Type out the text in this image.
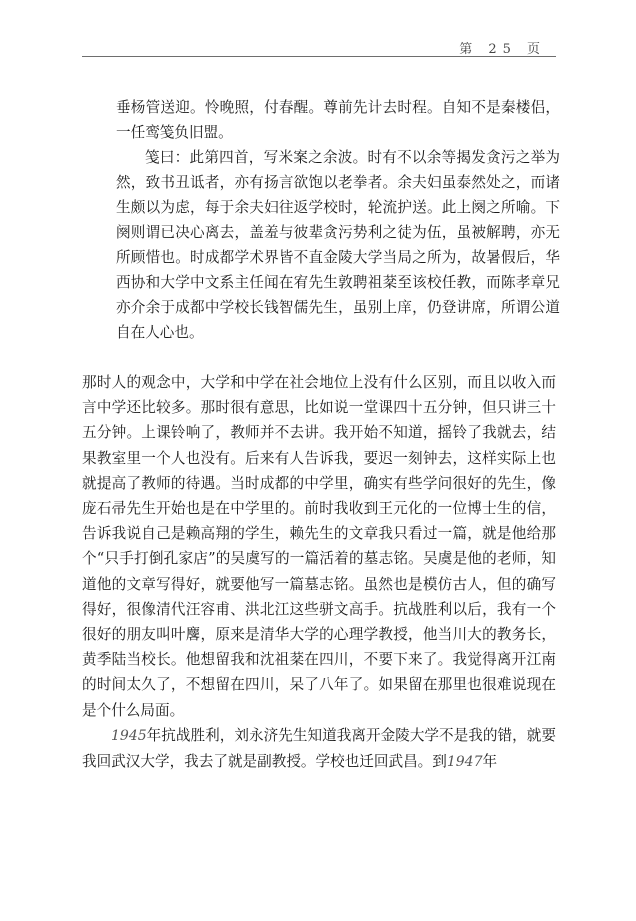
第 25 页

垂杨管送迎。怜晚照，付春醒。尊前先计去时程。自知不是秦楼侣，一任鸾笺负旧盟。

笺曰：此第四首，写米案之余波。时有不以余等揭发贪污之举为然，致书丑诋者，亦有扬言欲饱以老拳者。余夫妇虽泰然处之，而诸生颇以为虑，每于余夫妇往返学校时，轮流护送。此上阕之所喻。下阕则谓已决心离去，盖羞与彼辈贪污势利之徒为伍，虽被解聘，亦无所顾惜也。时成都学术界皆不直金陵大学当局之所为，故暑假后，华西协和大学中文系主任闻在宥先生敦聘祖棻至该校任教，而陈孝章兄亦介余于成都中学校长钱智儒先生，虽别上庠，仍登讲席，所谓公道自在人心也。

那时人的观念中，大学和中学在社会地位上没有什么区别，而且以收入而言中学还比较多。那时很有意思，比如说一堂课四十五分钟，但只讲三十五分钟。上课铃响了，教师并不去讲。我开始不知道，摇铃了我就去，结果教室里一个人也没有。后来有人告诉我，要迟一刻钟去，这样实际上也就提高了教师的待遇。当时成都的中学里，确实有些学问很好的先生，像庞石帚先生开始也是在中学里的。前时我收到王元化的一位博士生的信，告诉我说自己是赖高翔的学生，赖先生的文章我只看过一篇，就是他给那个“只手打倒孔家店”的吴虞写的一篇活着的墓志铭。吴虞是他的老师，知道他的文章写得好，就要他写一篇墓志铭。虽然也是模仿古人，但的确写得好，很像清代汪容甫、洪北江这些骈文高手。抗战胜利以后，我有一个很好的朋友叫叶麐，原来是清华大学的心理学教授，他当川大的教务长，黄季陆当校长。他想留我和沈祖棻在四川，不要下来了。我觉得离开江南的时间太久了，不想留在四川，呆了八年了。如果留在那里也很难说现在是个什么局面。

1945年抗战胜利，刘永济先生知道我离开金陵大学不是我的错，就要我回武汉大学，我去了就是副教授。学校也迁回武昌。到1947年
